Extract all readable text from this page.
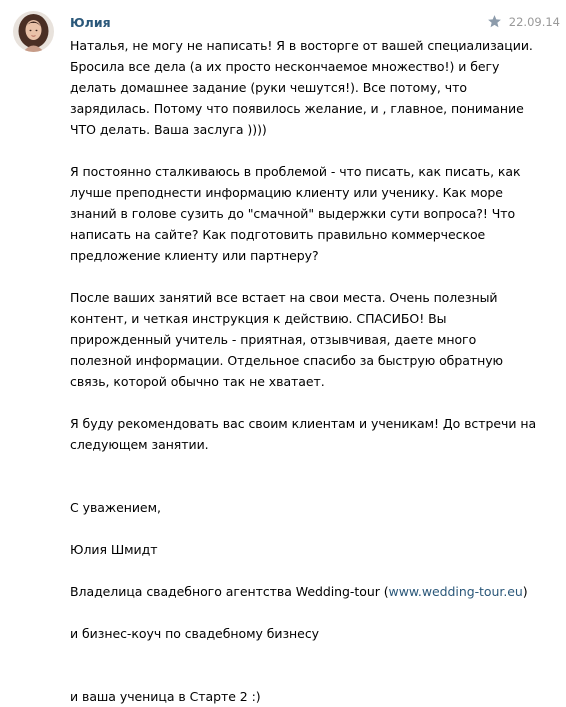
Юлия	22.09.14

Наталья, не могу не написать! Я в восторге от вашей специализации.
Бросила все дела (а их просто нескончаемое множество!) и бегу
делать домашнее задание (руки чешутся!). Все потому, что
зарядилась. Потому что появилось желание, и , главное, понимание
ЧТО делать. Ваша заслуга ))))

Я постоянно сталкиваюсь в проблемой - что писать, как писать, как
лучше преподнести информацию клиенту или ученику. Как море
знаний в голове сузить до "смачной" выдержки сути вопроса?! Что
написать на сайте? Как подготовить правильно коммерческое
предложение клиенту или партнеру?

После ваших занятий все встает на свои места. Очень полезный
контент, и четкая инструкция к действию. СПАСИБО! Вы
прирожденный учитель - приятная, отзывчивая, даете много
полезной информации. Отдельное спасибо за быструю обратную
связь, которой обычно так не хватает.

Я буду рекомендовать вас своим клиентам и ученикам! До встречи на
следующем занятии.

С уважением,

Юлия Шмидт

Владелица свадебного агентства Wedding-tour (www.wedding-tour.eu)

и бизнес-коуч по свадебному бизнесу

и ваша ученица в Старте 2 :)
